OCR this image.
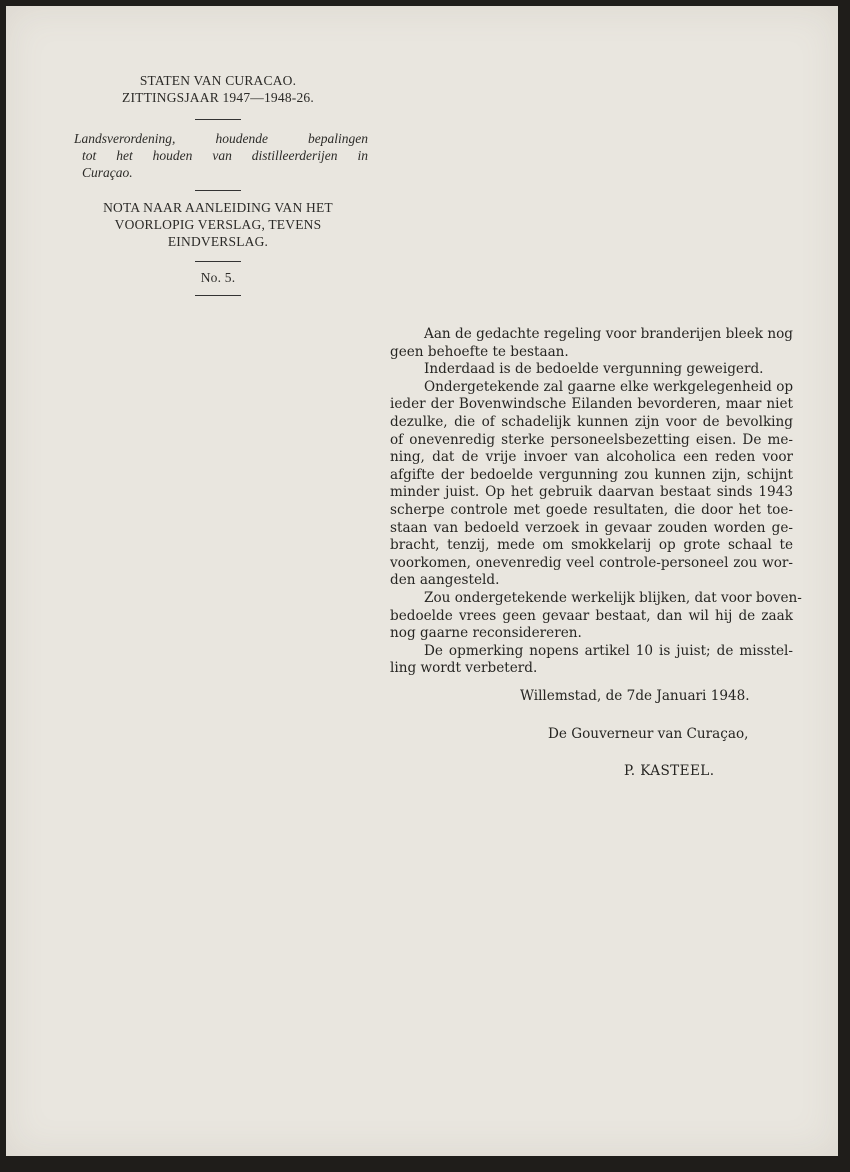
STATEN VAN CURACAO.
ZITTINGSJAAR 1947—1948-26.
Landsverordening, houdende bepalingen
tot het houden van distilleerderijen in
Curaçao.
NOTA NAAR AANLEIDING VAN HET
VOORLOPIG VERSLAG, TEVENS
EINDVERSLAG.
No. 5.
Aan de gedachte regeling voor branderijen bleek nog
geen behoefte te bestaan.
Inderdaad is de bedoelde vergunning geweigerd.
Ondergetekende zal gaarne elke werkgelegenheid op
ieder der Bovenwindsche Eilanden bevorderen, maar niet
dezulke, die of schadelijk kunnen zijn voor de bevolking
of onevenredig sterke personeelsbezetting eisen. De me-
ning, dat de vrije invoer van alcoholica een reden voor
afgifte der bedoelde vergunning zou kunnen zijn, schijnt
minder juist. Op het gebruik daarvan bestaat sinds 1943
scherpe controle met goede resultaten, die door het toe-
staan van bedoeld verzoek in gevaar zouden worden ge-
bracht, tenzij, mede om smokkelarij op grote schaal te
voorkomen, onevenredig veel controle-personeel zou wor-
den aangesteld.
Zou ondergetekende werkelijk blijken, dat voor boven-
bedoelde vrees geen gevaar bestaat, dan wil hij de zaak
nog gaarne reconsidereren.
De opmerking nopens artikel 10 is juist; de misstel-
ling wordt verbeterd.
Willemstad, de 7de Januari 1948.
De Gouverneur van Curaçao,
P. KASTEEL.
